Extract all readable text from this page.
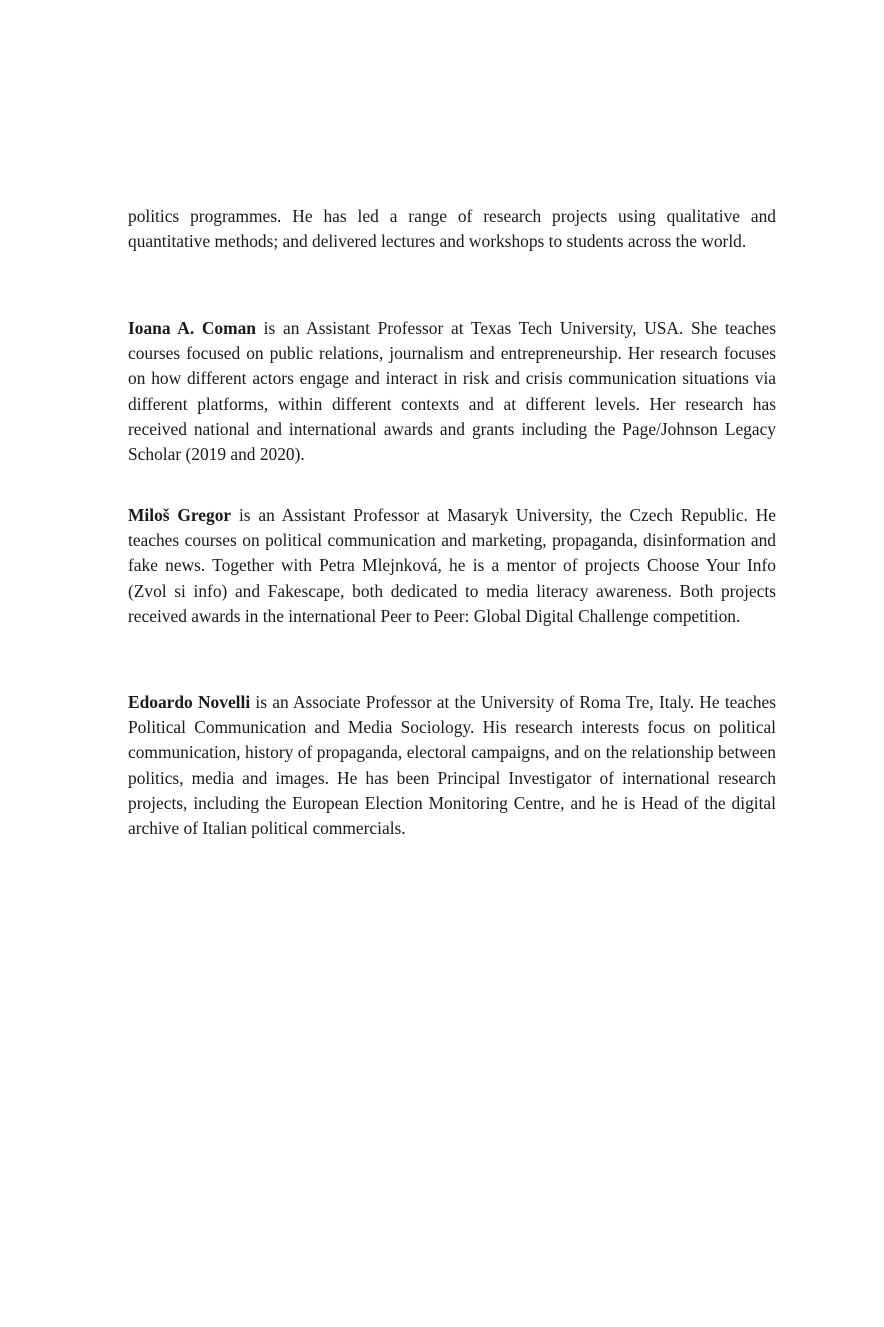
politics programmes. He has led a range of research projects using qualitative and quantitative methods; and delivered lectures and workshops to students across the world.

Ioana A. Coman is an Assistant Professor at Texas Tech University, USA. She teaches courses focused on public relations, journalism and entrepreneurship. Her research focuses on how different actors engage and interact in risk and crisis communication situations via different platforms, within different contexts and at different levels. Her research has received national and international awards and grants including the Page/Johnson Legacy Scholar (2019 and 2020).

Miloš Gregor is an Assistant Professor at Masaryk University, the Czech Republic. He teaches courses on political communication and marketing, propaganda, disinformation and fake news. Together with Petra Mlejnková, he is a mentor of projects Choose Your Info (Zvol si info) and Fakescape, both dedicated to media literacy awareness. Both projects received awards in the international Peer to Peer: Global Digital Challenge competition.

Edoardo Novelli is an Associate Professor at the University of Roma Tre, Italy. He teaches Political Communication and Media Sociology. His research interests focus on political communication, history of propaganda, electoral campaigns, and on the relationship between politics, media and images. He has been Principal Investigator of international research projects, including the European Election Monitoring Centre, and he is Head of the digital archive of Italian political commercials.
